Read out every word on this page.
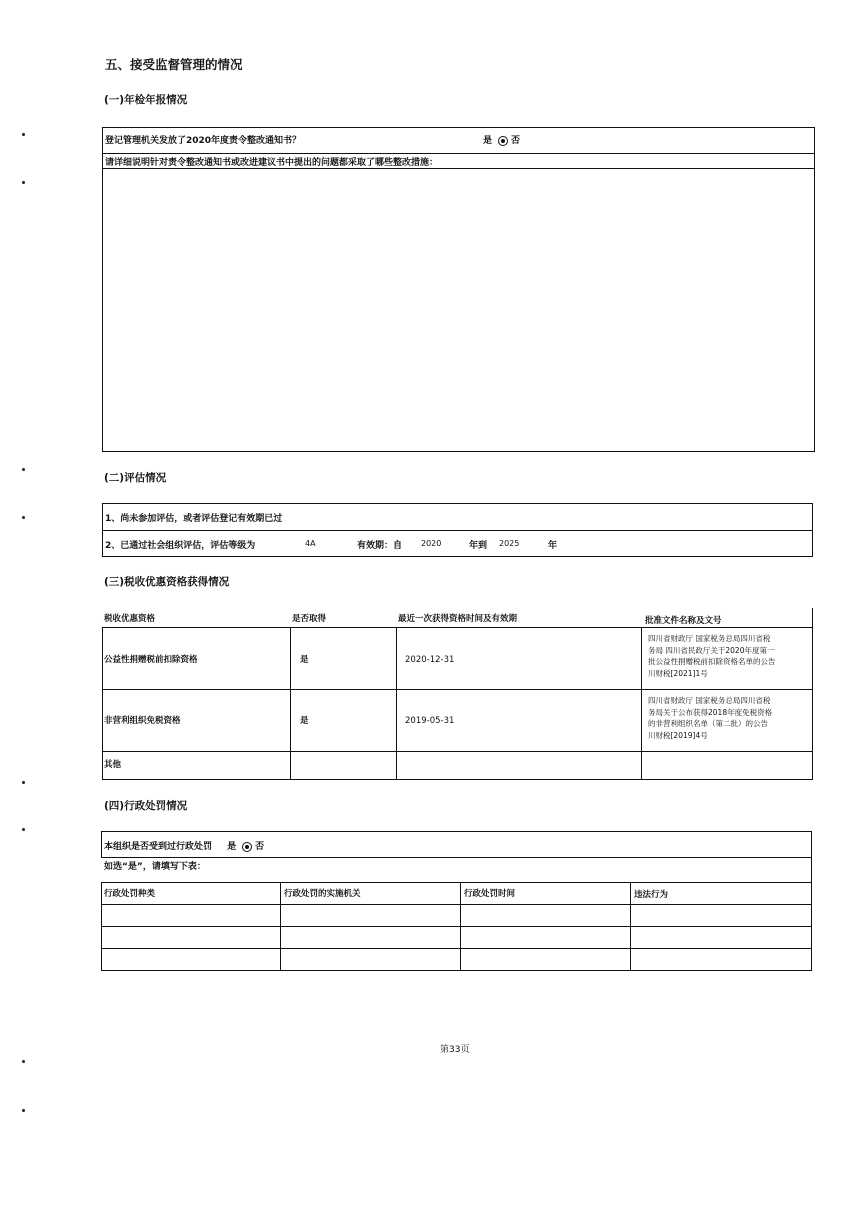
五、接受监督管理的情况
(一)年检年报情况
登记管理机关发放了2020年度责令整改通知书？	是 否
请详细说明针对责令整改通知书或改进建议书中提出的问题都采取了哪些整改措施：
(二)评估情况
1、尚未参加评估，或者评估登记有效期已过
2、已通过社会组织评估，评估等级为	4A	有效期：自 2020	年到 2025	年
(三)税收优惠资格获得情况
税收优惠资格	是否取得	最近一次获得资格时间及有效期	批准文件名称及文号
公益性捐赠税前扣除资格	是	2020-12-31
四川省财政厅 国家税务总局四川省税
务局 四川省民政厅关于2020年度第一
批公益性捐赠税前扣除资格名单的公告
川财税[2021]1号
非营利组织免税资格	是	2019-05-31
四川省财政厅 国家税务总局四川省税
务局关于公布获得2018年度免税资格
的非营利组织名单（第二批）的公告
川财税[2019]4号
其他
(四)行政处罚情况
本组织是否受到过行政处罚 是 否
如选“是”，请填写下表：
行政处罚种类	行政处罚的实施机关	行政处罚时间	违法行为
第33页
